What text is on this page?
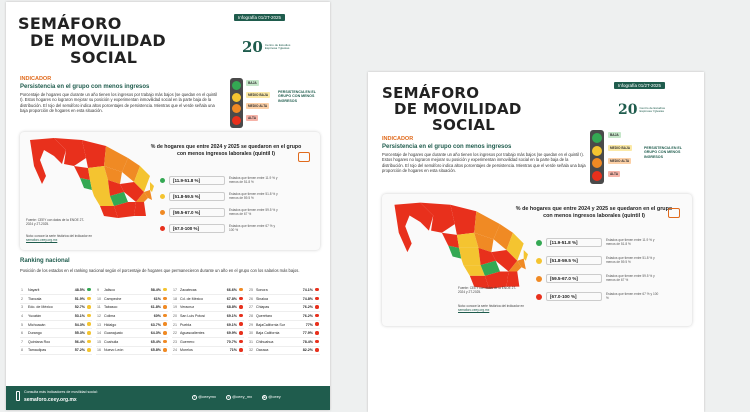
SEMÁFORO
DE MOVILIDAD
SOCIAL
Infografía 01/2T-2025
20 Centro de Estudios Espinosa Yglesias
BAJA
MEDIO BAJA
MEDIO ALTA
ALTA
PERSISTENCIA EN EL GRUPO CON MENOS INGRESOS
INDICADOR
Persistencia en el grupo con menos ingresos
Porcentaje de hogares que durante un año tienen los ingresos por trabajo más bajos (se quedan en el quintil I). Estos hogares no lograron mejorar su posición y experimentan inmovilidad social en la parte baja de la distribución. El rojo del semáforo indica altos porcentajes de persistencia. Mientras que el verde señala una baja proporción de hogares en esta situación.
% de hogares que entre 2024 y 2025 se quedaron en el grupo con menos ingresos laborales (quintil I)
[11.9-51.8 %]
Estados que tienen entre 11.9 % y menos de 51.8 %
[51.8-59.5 %]
Estados que tienen entre 51.8 % y menos de 59.5 %
[59.5-67.0 %]
Estados que tienen entre 59.5 % y menos de 67 %
[67.0-100 %]
Estados que tienen entre 67 % y 100 %
Fuente: CEEY con datos de la ENOE 2T-2024 y 2T-2025.
Nota: conoce la serie histórica del indicador en semaforo.ceey.org.mx
Ranking nacional
Posición de los estados en el ranking nacional según el porcentaje de hogares que permanecieron durante un año en el grupo con los salarios más bajos.
1	Nayarit	48.5%	
2	Tlaxcala	51.9%	
3	Edo. de México	52.7%	
4	Yucatán	53.1%	
5	Michoacán	54.3%	
6	Durango	55.3%	
7	Quintana Roo	56.4%	
8	Tamaulipas	57.2%	
9	Jalisco	58.4%	
10	Campeche	61%	
11	Tabasco	61.8%	
12	Colima	60%	
13	Hidalgo	63.7%	
14	Guanajuato	64.3%	
15	Coahuila	65.4%	
16	Nuevo León	65.8%	
17	Zacatecas	66.6%	
18	Cd. de México	67.8%	
19	Veracruz	68.8%	
20	San Luis Potosí	69.1%	
21	Puebla	69.1%	
22	Aguascalientes	69.9%	
23	Guerrero	70.7%	
24	Morelos	71%	
25	Sonora	74.1%	
26	Sinaloa	74.8%	
27	Chiapas	76.2%	
28	Querétaro	76.2%	
29	BajaCalifornia Sur	77%	
30	Baja California	77.9%	
31	Chihuahua	78.4%	
32	Oaxaca	82.2%	
Consulta más indicadores de movilidad social:
semaforo.ceey.org.mx	f @ceeymx	x @ceey_mx	▶ @ceey
SEMÁFORO
DE MOVILIDAD
SOCIAL
Infografía 01/2T-2025
20 Centro de Estudios Espinosa Yglesias
BAJA
MEDIO BAJA
MEDIO ALTA
ALTA
PERSISTENCIA EN EL GRUPO CON MENOS INGRESOS
INDICADOR
Persistencia en el grupo con menos ingresos
Porcentaje de hogares que durante un año tienen los ingresos por trabajo más bajos (se quedan en el quintil I). Estos hogares no lograron mejorar su posición y experimentan inmovilidad social en la parte baja de la distribución. El rojo del semáforo indica altos porcentajes de persistencia. Mientras que el verde señala una baja proporción de hogares en esta situación.
% de hogares que entre 2024 y 2025 se quedaron en el grupo con menos ingresos laborales (quintil I)
[11.9-51.8 %]
Estados que tienen entre 11.9 % y menos de 51.8 %
[51.8-59.5 %]
Estados que tienen entre 51.8 % y menos de 59.5 %
[59.5-67.0 %]
Estados que tienen entre 59.5 % y menos de 67 %
[67.0-100 %]
Estados que tienen entre 67 % y 100 %
Fuente: CEEY con datos de la ENOE 2T-2024 y 2T-2025.
Nota: conoce la serie histórica del indicador en semaforo.ceey.org.mx
